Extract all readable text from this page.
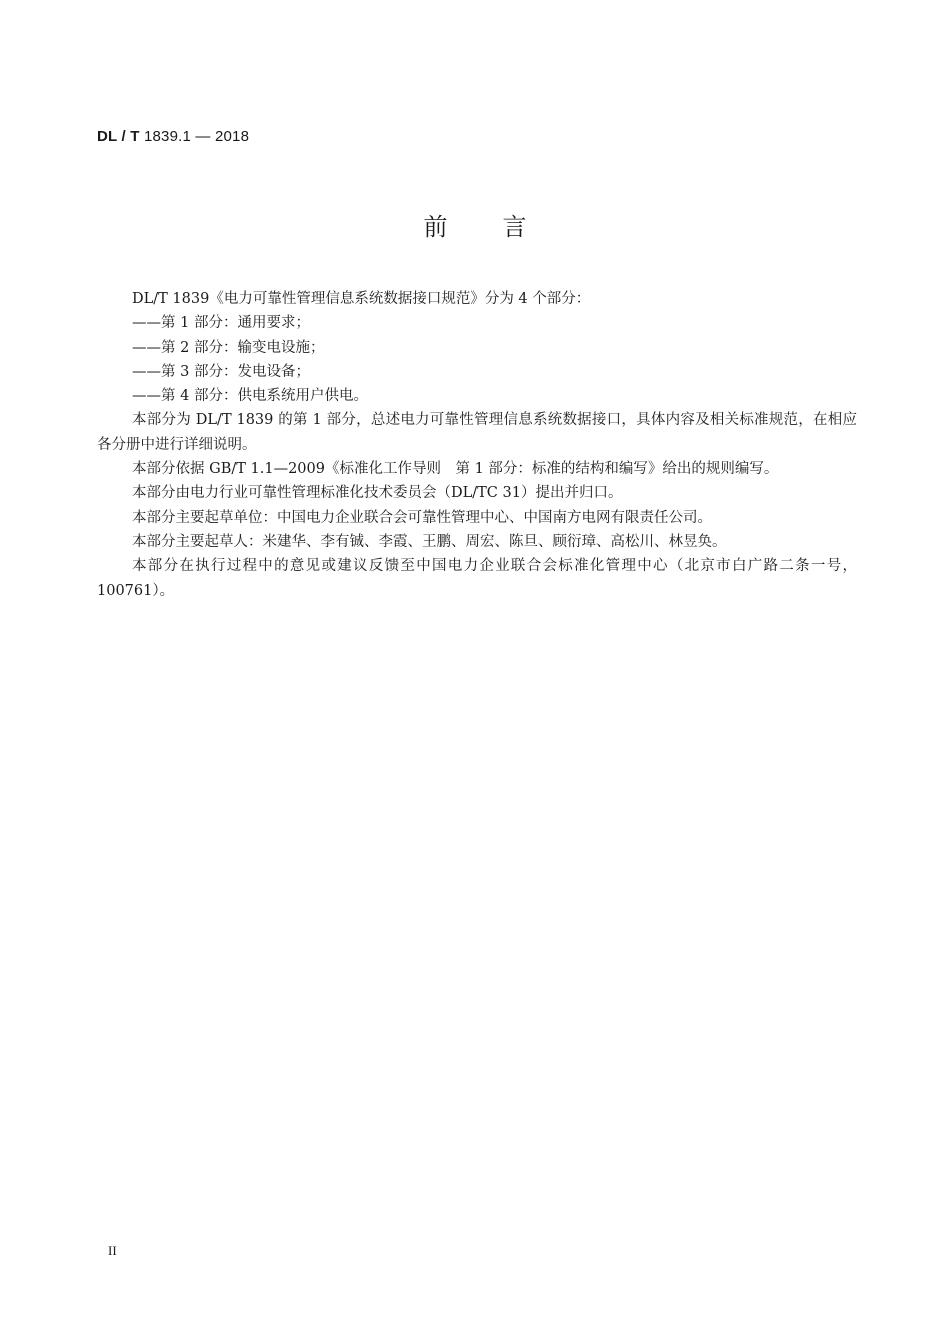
DL / T 1839.1 — 2018
前言

DL/T 1839《电力可靠性管理信息系统数据接口规范》分为 4 个部分：

——第 1 部分：通用要求；

——第 2 部分：输变电设施；

——第 3 部分：发电设备；

——第 4 部分：供电系统用户供电。

本部分为 DL/T 1839 的第 1 部分，总述电力可靠性管理信息系统数据接口，具体内容及相关标准规范，在相应各分册中进行详细说明。

本部分依据 GB/T 1.1—2009《标准化工作导则　第 1 部分：标准的结构和编写》给出的规则编写。

本部分由电力行业可靠性管理标准化技术委员会（DL/TC 31）提出并归口。

本部分主要起草单位：中国电力企业联合会可靠性管理中心、中国南方电网有限责任公司。

本部分主要起草人：米建华、李有铖、李霞、王鹏、周宏、陈旦、顾衍璋、高松川、林昱奂。

本部分在执行过程中的意见或建议反馈至中国电力企业联合会标准化管理中心（北京市白广路二条一号，100761）。

II
